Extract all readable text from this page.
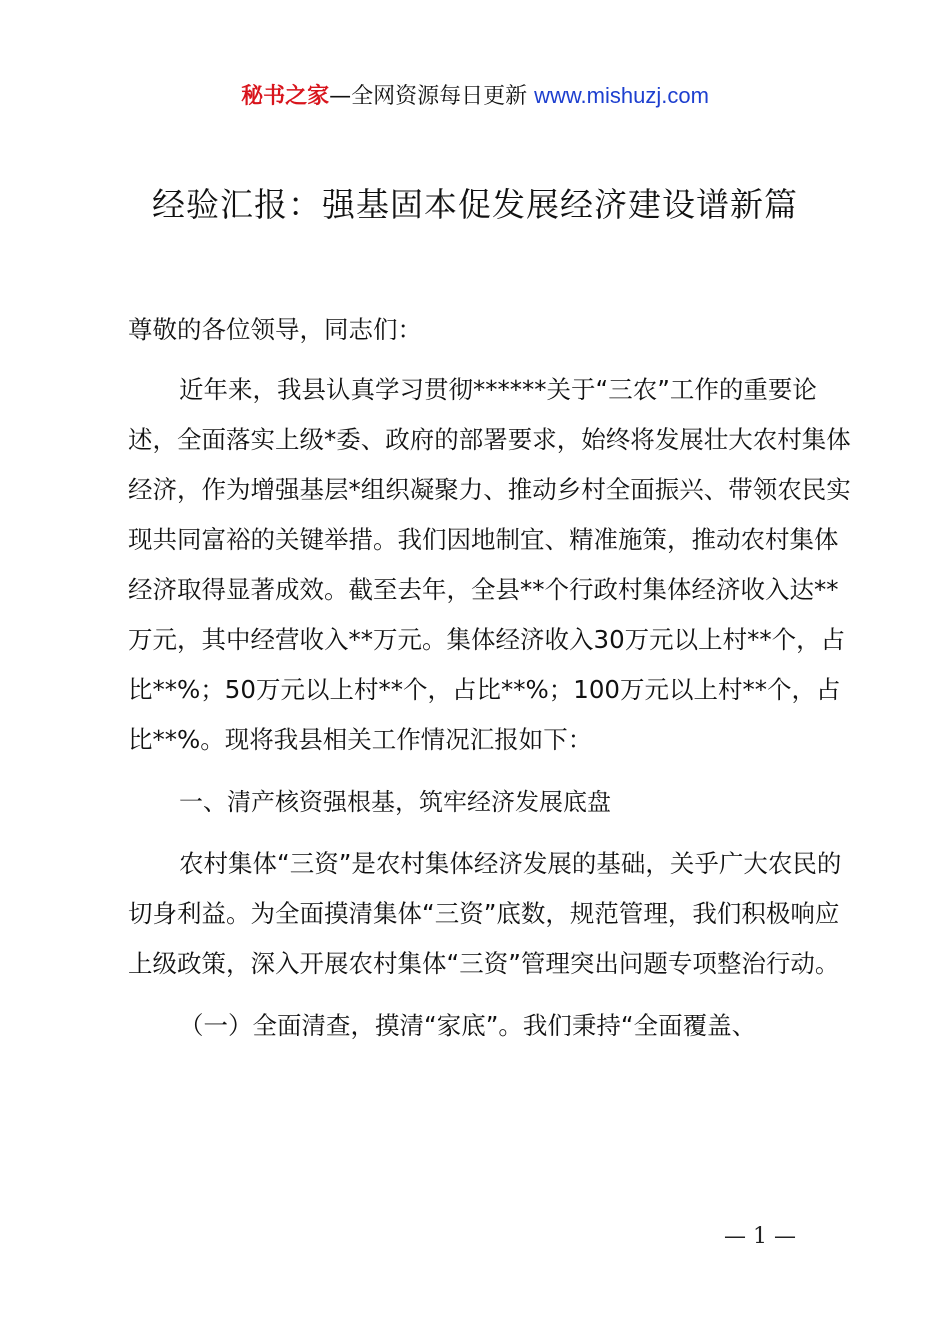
秘书之家—全网资源每日更新 www.mishuzj.com
经验汇报：强基固本促发展经济建设谱新篇

尊敬的各位领导，同志们：

近年来，我县认真学习贯彻******关于“三农”工作的重要论述，全面落实上级*委、政府的部署要求，始终将发展壮大农村集体经济，作为增强基层*组织凝聚力、推动乡村全面振兴、带领农民实现共同富裕的关键举措。我们因地制宜、精准施策，推动农村集体经济取得显著成效。截至去年，全县**个行政村集体经济收入达**万元，其中经营收入**万元。集体经济收入30万元以上村**个，占比**%；50万元以上村**个，占比**%；100万元以上村**个，占比**%。现将我县相关工作情况汇报如下：

一、清产核资强根基，筑牢经济发展底盘

农村集体“三资”是农村集体经济发展的基础，关乎广大农民的切身利益。为全面摸清集体“三资”底数，规范管理，我们积极响应上级政策，深入开展农村集体“三资”管理突出问题专项整治行动。

（一）全面清查，摸清“家底”。我们秉持“全面覆盖、

— 1 —
